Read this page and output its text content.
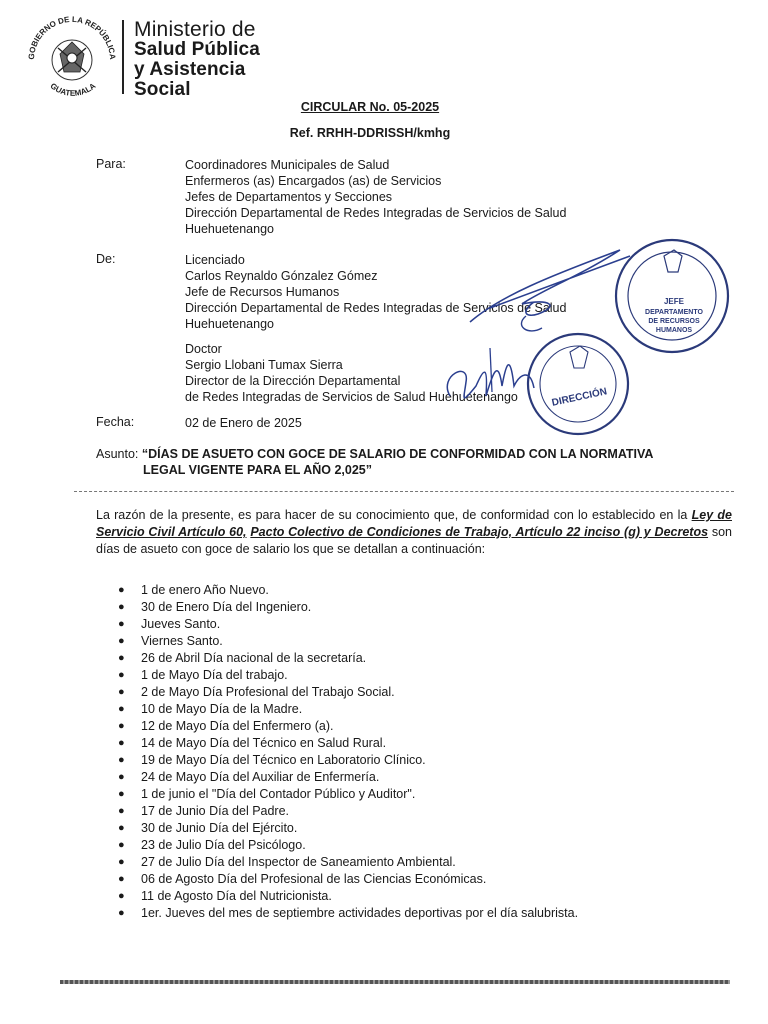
GOBIERNO DE LA REPÚBLICA
GUATEMALA
Ministerio de
Salud Pública
y Asistencia
Social
CIRCULAR No. 05-2025
Ref. RRHH-DDRISSH/kmhg
Para:	Coordinadores Municipales de Salud
Enfermeros (as) Encargados (as) de Servicios
Jefes de Departamentos y Secciones
Dirección Departamental de Redes Integradas de Servicios de Salud
Huehuetenango
De:	Licenciado
Carlos Reynaldo Gónzalez Gómez
Jefe de Recursos Humanos
Dirección Departamental de Redes Integradas de Servicios de Salud
Huehuetenango
Doctor
Sergio Llobani Tumax Sierra
Director de la Dirección Departamental
de Redes Integradas de Servicios de Salud Huehuetenango
JEFE
DEPARTAMENTO
DE RECURSOS
HUMANOS
DIRECCIÓN
Fecha:	02 de Enero de 2025
Asunto: “DÍAS DE ASUETO CON GOCE DE SALARIO DE CONFORMIDAD CON LA NORMATIVA
LEGAL VIGENTE PARA EL AÑO 2,025”
La razón de la presente, es para hacer de su conocimiento que, de conformidad con lo establecido en la Ley de Servicio Civil Artículo 60, Pacto Colectivo de Condiciones de Trabajo, Artículo 22 inciso (g) y Decretos son días de asueto con goce de salario los que se detallan a continuación:
● 1 de enero Año Nuevo.
● 30 de Enero Día del Ingeniero.
● Jueves Santo.
● Viernes Santo.
● 26 de Abril Día nacional de la secretaría.
● 1 de Mayo Día del trabajo.
● 2 de Mayo Día Profesional del Trabajo Social.
● 10 de Mayo Día de la Madre.
● 12 de Mayo Día del Enfermero (a).
● 14 de Mayo Día del Técnico en Salud Rural.
● 19 de Mayo Día del Técnico en Laboratorio Clínico.
● 24 de Mayo Día del Auxiliar de Enfermería.
● 1 de junio el "Día del Contador Público y Auditor".
● 17 de Junio Día del Padre.
● 30 de Junio Día del Ejército.
● 23 de Julio Día del Psicólogo.
● 27 de Julio Día del Inspector de Saneamiento Ambiental.
● 06 de Agosto Día del Profesional de las Ciencias Económicas.
● 11 de Agosto Día del Nutricionista.
● 1er. Jueves del mes de septiembre actividades deportivas por el día salubrista.
